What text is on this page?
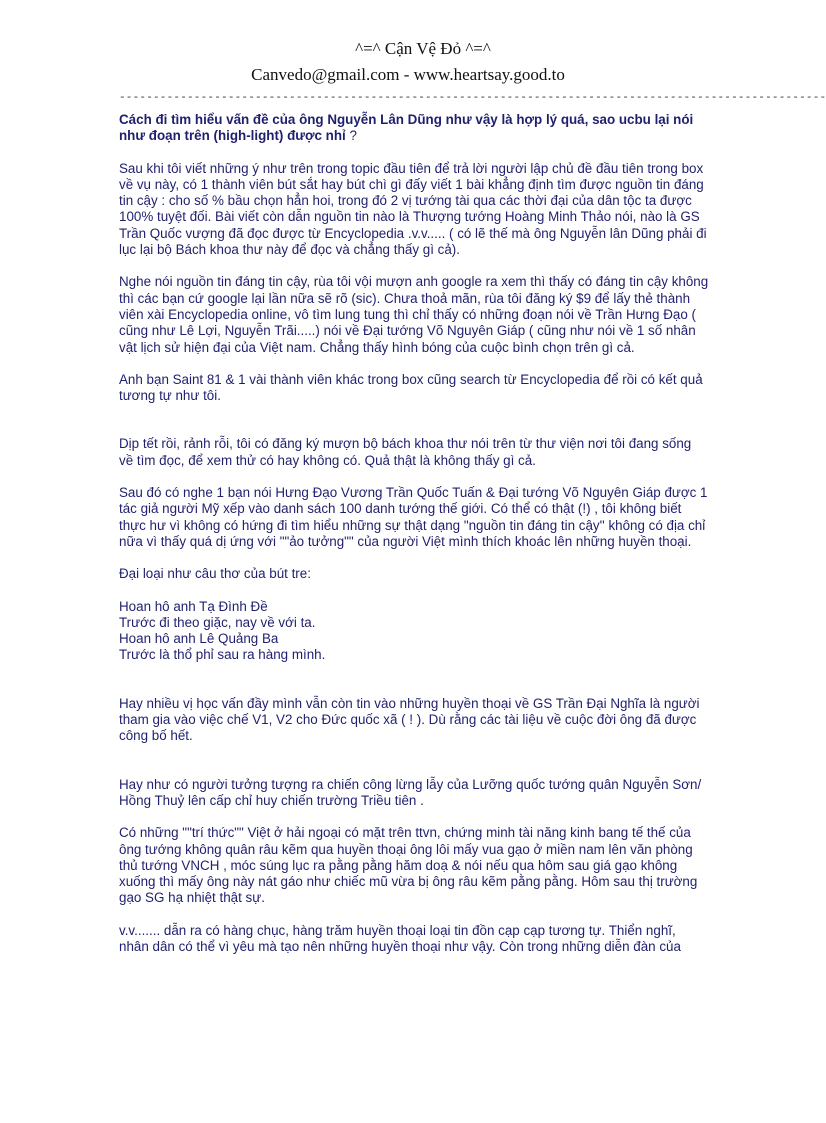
^=^ Cận Vệ Đỏ ^=^
Canvedo@gmail.com - www.heartsay.good.to
--------------------------------------------------------------------------------------------------------
Cách đi tìm hiểu vấn đề của ông Nguyễn Lân Dũng như vậy là hợp lý quá, sao ucbu lại nói như đoạn trên (high-light) được nhỉ ?

Sau khi tôi viết những ý như trên trong topic đầu tiên để trả lời người lập chủ đề đầu tiên trong box về vụ này, có 1 thành viên bút sắt hay bút chì gì đấy viết 1 bài khẳng định tìm được nguồn tin đáng tin cậy : cho số % bầu chọn hẳn hoi, trong đó 2 vị tướng tài qua các thời đại của dân tộc ta được 100% tuyệt đối. Bài viết còn dẫn nguồn tin nào là Thượng tướng Hoàng Minh Thảo nói, nào là GS Trần Quốc vượng đã đọc được từ Encyclopedia .v.v..... ( có lẽ thế mà ông Nguyễn lân Dũng phải đi lục lại bộ Bách khoa thư này để đọc và chẳng thấy gì cả).

Nghe nói nguồn tin đáng tin cậy, rùa tôi vội mượn anh google ra xem thì thấy có đáng tin cậy không thì các bạn cứ google lại lần nữa sẽ rõ (sic). Chưa thoả mãn, rùa tôi đăng ký $9 để lấy thẻ thành viên xài Encyclopedia online, vô tìm lung tung thì chỉ thấy có những đoạn nói về Trần Hưng Đạo ( cũng như Lê Lợi, Nguyễn Trãi.....) nói về Đại tướng Võ Nguyên Giáp ( cũng như nói về 1 số nhân vật lịch sử hiện đại của Việt nam. Chẳng thấy hình bóng của cuộc bình chọn trên gì cả.

Anh bạn Saint 81 & 1 vài thành viên khác trong box cũng search từ Encyclopedia để rồi có kết quả tương tự như tôi.

Dịp tết rồi, rảnh rỗi, tôi có đăng ký mượn bộ bách khoa thư nói trên từ thư viện nơi tôi đang sống về tìm đọc, để xem thử có hay không có. Quả thật là không thấy gì cả.

Sau đó có nghe 1 bạn nói Hưng Đạo Vương Trần Quốc Tuấn & Đại tướng Võ Nguyên Giáp được 1 tác giả người Mỹ xếp vào danh sách 100 danh tướng thế giới. Có thể có thật (!) , tôi không biết thực hư vì không có hứng đi tìm hiểu những sự thật dạng "nguồn tin đáng tin cậy'' không có địa chỉ nữa vì thấy quá dị ứng với ""ảo tưởng"" của người Việt mình thích khoác lên những huyền thoại.

Đại loại như câu thơ của bút tre:

Hoan hô anh Tạ Đình Đề
Trước đi theo giặc, nay về với ta.
Hoan hô anh Lê Quảng Ba
Trước là thổ phỉ sau ra hàng mình.

Hay nhiều vị học vấn đầy mình vẫn còn tin vào những huyền thoại về GS Trần Đại Nghĩa là người tham gia vào việc chế V1, V2 cho Đức quốc xã ( ! ). Dù rằng các tài liệu về cuộc đời ông đã được công bố hết.

Hay như có người tưởng tượng ra chiến công lừng lẫy của Lưỡng quốc tướng quân Nguyễn Sơn/ Hồng Thuỷ lên cấp chỉ huy chiến trường Triều tiên .

Có những ""trí thức"" Việt ở hải ngoại có mặt trên ttvn, chứng minh tài năng kinh bang tế thế của ông tướng không quân râu kẽm qua huyền thoại ông lôi mấy vua gạo ở miền nam lên văn phòng thủ tướng VNCH , móc súng lục ra pằng pằng hăm doạ & nói nếu qua hôm sau giá gạo không xuống thì mấy ông này nát gáo như chiếc mũ vừa bị ông râu kẽm pằng pằng. Hôm sau thị trường gạo SG hạ nhiệt thật sự.

v.v....... dẫn ra có hàng chục, hàng trăm huyền thoại loại tin đồn cạp cạp tương tự. Thiển nghĩ, nhân dân có thể vì yêu mà tạo nên những huyền thoại như vậy. Còn trong những diễn đàn của
